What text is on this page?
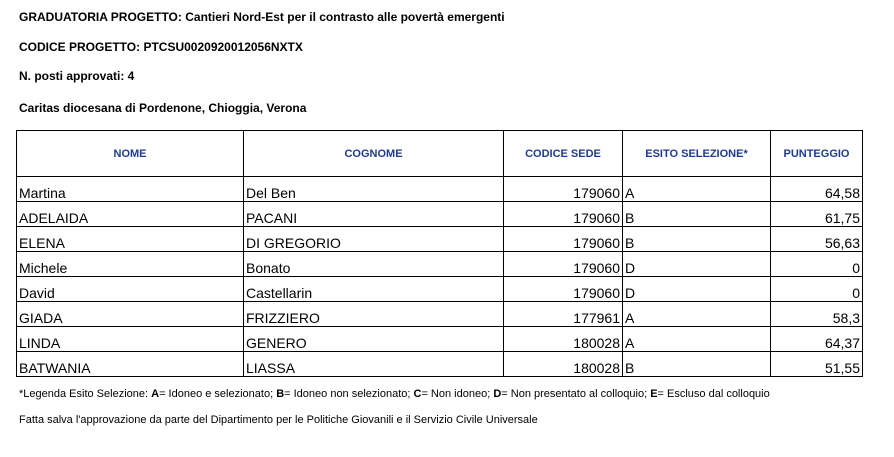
GRADUATORIA PROGETTO: Cantieri Nord-Est per il contrasto alle povertà emergenti
CODICE PROGETTO: PTCSU0020920012056NXTX
N. posti approvati: 4
Caritas diocesana di Pordenone, Chioggia, Verona
NOME	COGNOME	CODICE SEDE	ESITO SELEZIONE*	PUNTEGGIO
Martina	Del Ben	179060	A	64,58
ADELAIDA	PACANI	179060	B	61,75
ELENA	DI GREGORIO	179060	B	56,63
Michele	Bonato	179060	D	0
David	Castellarin	179060	D	0
GIADA	FRIZZIERO	177961	A	58,3
LINDA	GENERO	180028	A	64,37
BATWANIA	LIASSA	180028	B	51,55
*Legenda Esito Selezione: A= Idoneo e selezionato; B= Idoneo non selezionato; C= Non idoneo; D= Non presentato al colloquio; E= Escluso dal colloquio
Fatta salva l'approvazione da parte del Dipartimento per le Politiche Giovanili e il Servizio Civile Universale
